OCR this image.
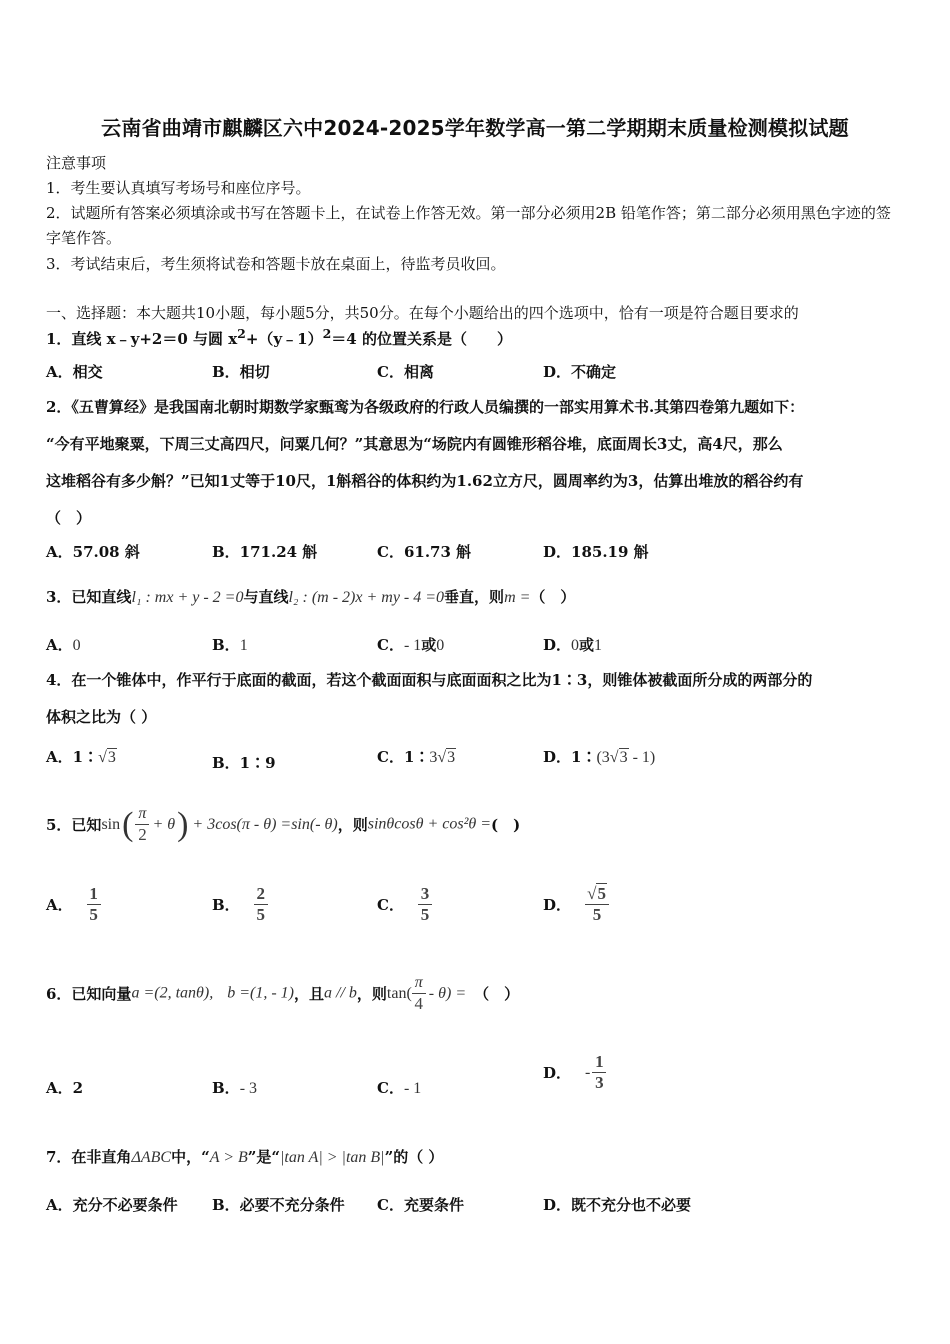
云南省曲靖市麒麟区六中2024-2025学年数学高一第二学期期末质量检测模拟试题
注意事项
1．考生要认真填写考场号和座位序号。
2．试题所有答案必须填涂或书写在答题卡上，在试卷上作答无效。第一部分必须用2B 铅笔作答；第二部分必须用黑色字迹的签字笔作答。
3．考试结束后，考生须将试卷和答题卡放在桌面上，待监考员收回。
一、选择题：本大题共10小题，每小题5分，共50分。在每个小题给出的四个选项中，恰有一项是符合题目要求的
1．直线 x﹣y+2＝0 与圆 $x^2+(y﹣1)^2=4$ 的位置关系是（　　）
A．相交	B．相切	C．相离	D．不确定
2．《五曹算经》是我国南北朝时期数学家甄鸾为各级政府的行政人员编撰的一部实用算术书.其第四卷第九题如下：
“今有平地聚粟，下周三丈高四尺，问粟几何？”其意思为“场院内有圆锥形稻谷堆，底面周长3丈，高4尺，那么
这堆稻谷有多少斛？”已知1丈等于10尺，1斛稻谷的体积约为1.62立方尺，圆周率约为3，估算出堆放的稻谷约有
（　）
A．57.08 斜	B．171.24 斛	C．61.73 斛	D．185.19 斛
3．已知直线l₁ : mx + y - 2 =0与直线l₂ : (m - 2)x + my - 4 =0垂直，则m =（　）
A．0	B．1	C．- 1或0	D．0或1
4．在一个锥体中，作平行于底面的截面，若这个截面面积与底面面积之比为1∶3，则锥体被截面所分成的两部分的
体积之比为（ ）
A．1∶√3	B．1∶9	C．1∶3√3	D．1∶(3√3 - 1)
5．已知 sin ( $\frac{\pi}{2} + \theta$ ) + 3cos(π - θ) =sin(- θ) ，则sinθcosθ + cos²θ =(　)
A． $\frac{1}{5}$	B． $\frac{2}{5}$	C． $\frac{3}{5}$	D． $\frac{√5}{5}$
6．已知向量a =(2, tanθ), b =(1, - 1)，且a // b，则 $\tan( \frac{\pi}{4} - \theta)$ = （　）
A．2	B．- 3	C．- 1
D． - $\frac{1}{3}$
7．在非直角ΔABC中，“A > B”是“|tan A| > |tan B|”的（ ）
A．充分不必要条件 B．必要不充分条件 C．充要条件	D．既不充分也不必要
